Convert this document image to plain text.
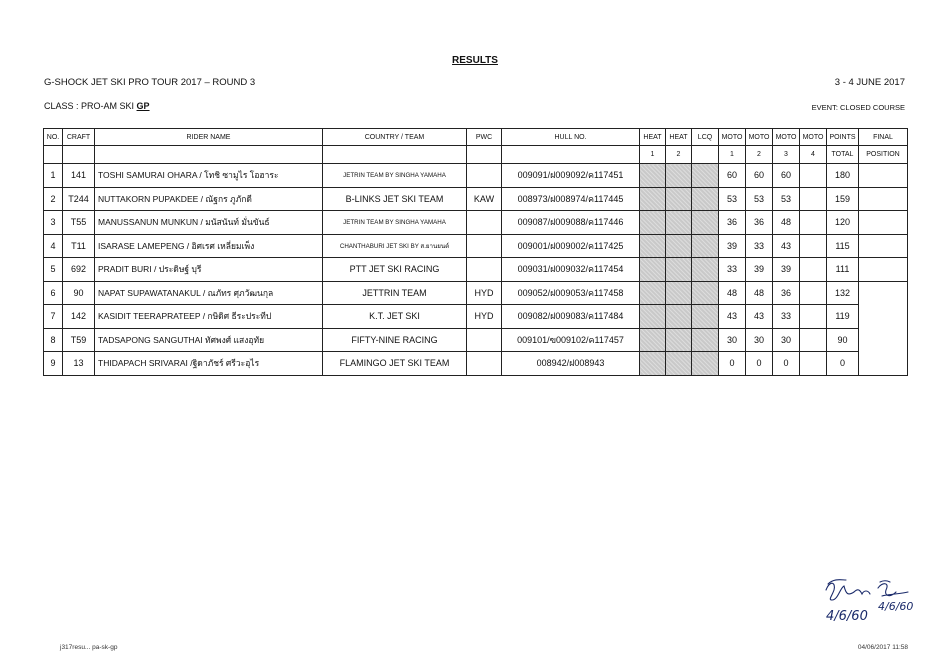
RESULTS
G-SHOCK JET SKI PRO TOUR 2017 – ROUND 3	3 - 4 JUNE 2017
CLASS : PRO-AM SKI GP	EVENT: CLOSED COURSE
NO.	CRAFT	RIDER NAME	COUNTRY / TEAM	PWC	HULL NO.	HEAT	HEAT	LCQ	MOTO	MOTO	MOTO	MOTO	POINTS	FINAL
						1	2		1	2	3	4	TOTAL	POSITION
1	141	TOSHI SAMURAI OHARA / โทชิ ซามูไร โอฮาระ	JETRIN TEAM BY SINGHA YAMAHA		009091/ฝ009092/ค117451				60	60	60		180	
2	T244	NUTTAKORN PUPAKDEE / ณัฐกร ภูภักดี	B-LINKS JET SKI TEAM	KAW	008973/ฝ008974/ค117445				53	53	53		159	
3	T55	MANUSSANUN MUNKUN / มนัสนันท์ มั่นขันธ์	JETRIN TEAM BY SINGHA YAMAHA		009087/ฝ009088/ค117446				36	36	48		120	
4	T11	ISARASE LAMEPENG / อิศเรศ เหลี่ยมเพ็ง	CHANTHABURI JET SKI BY ส.ยานยนต์		009001/ฝ009002/ค117425				39	33	43		115	
5	692	PRADIT BURI / ประดิษฐ์ บุรี	PTT JET SKI RACING		009031/ฝ009032/ค117454				33	39	39		111	
6	90	NAPAT SUPAWATANAKUL / ณภัทร ศุภวัฒนกุล	JETTRIN TEAM	HYD	009052/ฝ009053/ค117458				48	48	36		132	
7	142	KASIDIT TEERAPRATEEP / กษิดิศ ธีระประทีป	K.T. JET SKI	HYD	009082/ฝ009083/ค117484				43	43	33		119	
8	T59	TADSAPONG SANGUTHAI ทัศพงศ์ แสงอุทัย	FIFTY-NINE RACING		009101/ฃ009102/ค117457				30	30	30		90	
9	13	THIDAPACH SRIVARAI /ฐิดาภัชร์ ศรีวะอุไร	FLAMINGO JET SKI TEAM		008942/ฝ008943				0	0	0		0	
4/6/60
4/6/60
j317resu... pa-sk-gp	04/06/2017 11:58
